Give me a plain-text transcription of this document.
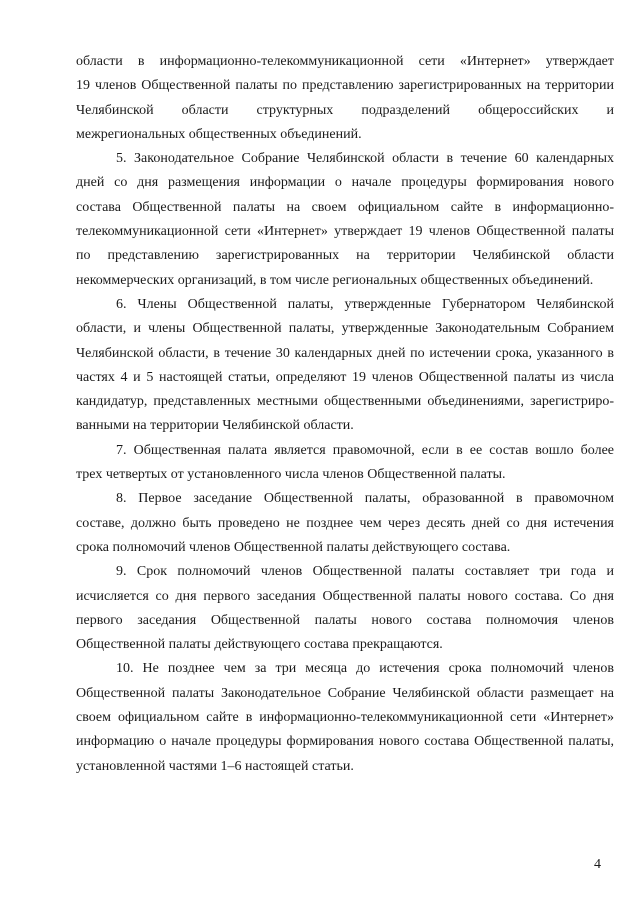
области в информационно-телекоммуникационной сети «Интернет» утверждает
19 членов Общественной палаты по представлению зарегистрированных на территории
Челябинской области структурных подразделений общероссийских и
межрегиональных общественных объединений.

5. Законодательное Собрание Челябинской области в течение 60 календарных
дней со дня размещения информации о начале процедуры формирования нового
состава Общественной палаты на своем официальном сайте в информационно-
телекоммуникационной сети «Интернет» утверждает 19 членов Общественной палаты
по представлению зарегистрированных на территории Челябинской области
некоммерческих организаций, в том числе региональных общественных объединений.

6. Члены Общественной палаты, утвержденные Губернатором Челябинской
области, и члены Общественной палаты, утвержденные Законодательным Собранием
Челябинской области, в течение 30 календарных дней по истечении срока, указанного в
частях 4 и 5 настоящей статьи, определяют 19 членов Общественной палаты из числа
кандидатур, представленных местными общественными объединениями, зарегистриро-
ванными на территории Челябинской области.

7. Общественная палата является правомочной, если в ее состав вошло более
трех четвертых от установленного числа членов Общественной палаты.

8. Первое заседание Общественной палаты, образованной в правомочном
составе, должно быть проведено не позднее чем через десять дней со дня истечения
срока полномочий членов Общественной палаты действующего состава.

9. Срок полномочий членов Общественной палаты составляет три года и
исчисляется со дня первого заседания Общественной палаты нового состава. Со дня
первого заседания Общественной палаты нового состава полномочия членов
Общественной палаты действующего состава прекращаются.

10. Не позднее чем за три месяца до истечения срока полномочий членов
Общественной палаты Законодательное Собрание Челябинской области размещает на
своем официальном сайте в информационно-телекоммуникационной сети «Интернет»
информацию о начале процедуры формирования нового состава Общественной палаты,
установленной частями 1–6 настоящей статьи.

4
